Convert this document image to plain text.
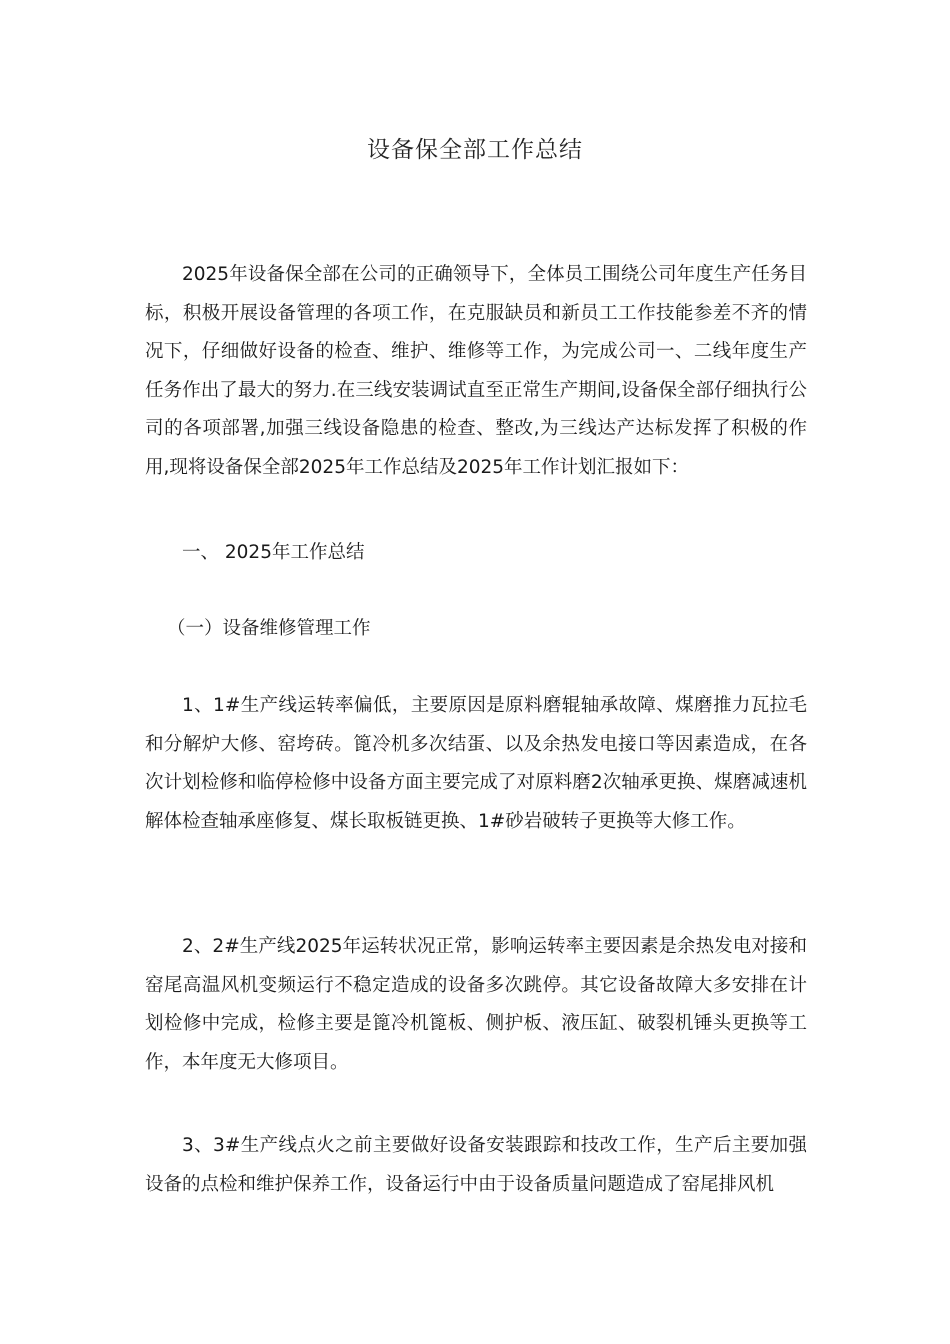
设备保全部工作总结

2025年设备保全部在公司的正确领导下，全体员工围绕公司年度生产任务目标，积极开展设备管理的各项工作，在克服缺员和新员工工作技能参差不齐的情况下，仔细做好设备的检查、维护、维修等工作，为完成公司一、二线年度生产任务作出了最大的努力.在三线安装调试直至正常生产期间,设备保全部仔细执行公司的各项部署,加强三线设备隐患的检查、整改,为三线达产达标发挥了积极的作用,现将设备保全部2025年工作总结及2025年工作计划汇报如下：

一、 2025年工作总结

（一）设备维修管理工作

1、1#生产线运转率偏低，主要原因是原料磨辊轴承故障、煤磨推力瓦拉毛和分解炉大修、窑垮砖。篦冷机多次结蛋、以及余热发电接口等因素造成，在各次计划检修和临停检修中设备方面主要完成了对原料磨2次轴承更换、煤磨减速机解体检查轴承座修复、煤长取板链更换、1#砂岩破转子更换等大修工作。

2、2#生产线2025年运转状况正常，影响运转率主要因素是余热发电对接和窑尾高温风机变频运行不稳定造成的设备多次跳停。其它设备故障大多安排在计划检修中完成，检修主要是篦冷机篦板、侧护板、液压缸、破裂机锤头更换等工作，本年度无大修项目。

3、3#生产线点火之前主要做好设备安装跟踪和技改工作，生产后主要加强设备的点检和维护保养工作，设备运行中由于设备质量问题造成了窑尾排风机
